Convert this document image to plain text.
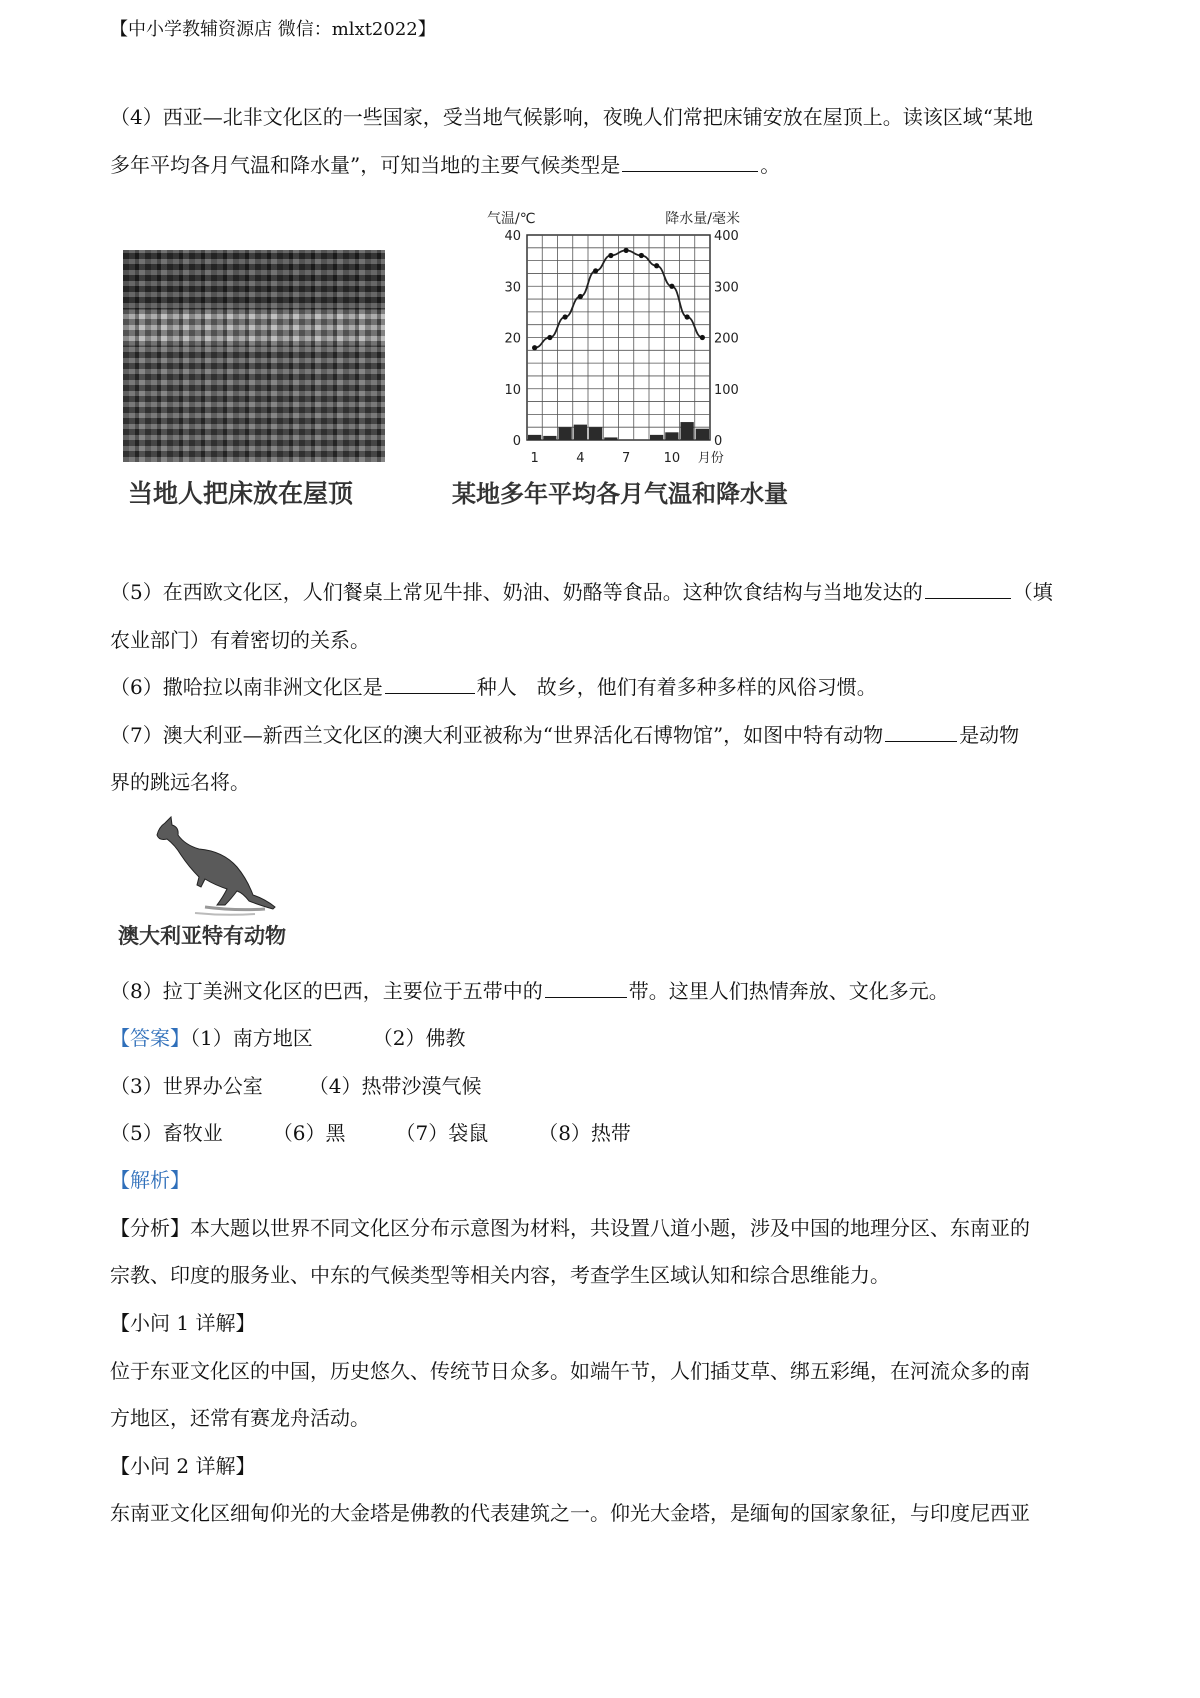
【中小学教辅资源店 微信：mlxt2022】
（4）西亚—北非文化区的一些国家，受当地气候影响，夜晚人们常把床铺安放在屋顶上。读该区域“某地
多年平均各月气温和降水量”，可知当地的主要气候类型是	。
当地人把床放在屋顶
0
10
20
30
40
0
100
200
300
400
气温/℃	降水量/毫米
1	4	7	10 月份
某地多年平均各月气温和降水量
（5）在西欧文化区，人们餐桌上常见牛排、奶油、奶酪等食品。这种饮食结构与当地发达的	（填
农业部门）有着密切的关系。
（6）撒哈拉以南非洲文化区是	种人　故乡，他们有着多种多样的风俗习惯。
（7）澳大利亚—新西兰文化区的澳大利亚被称为“世界活化石博物馆”，如图中特有动物	是动物
界的跳远名将。
澳大利亚特有动物
（8）拉丁美洲文化区的巴西，主要位于五带中的	带。这里人们热情奔放、文化多元。
【答案】（1）南方地区	（2）佛教
（3）世界办公室 （4）热带沙漠气候
（5）畜牧业	（6）黑	（7）袋鼠	（8）热带
【解析】
【分析】本大题以世界不同文化区分布示意图为材料，共设置八道小题，涉及中国的地理分区、东南亚的
宗教、印度的服务业、中东的气候类型等相关内容，考查学生区域认知和综合思维能力。
【小问 1 详解】
位于东亚文化区的中国，历史悠久、传统节日众多。如端午节，人们插艾草、绑五彩绳，在河流众多的南
方地区，还常有赛龙舟活动。
【小问 2 详解】
东南亚文化区细甸仰光的大金塔是佛教的代表建筑之一。仰光大金塔，是缅甸的国家象征，与印度尼西亚
